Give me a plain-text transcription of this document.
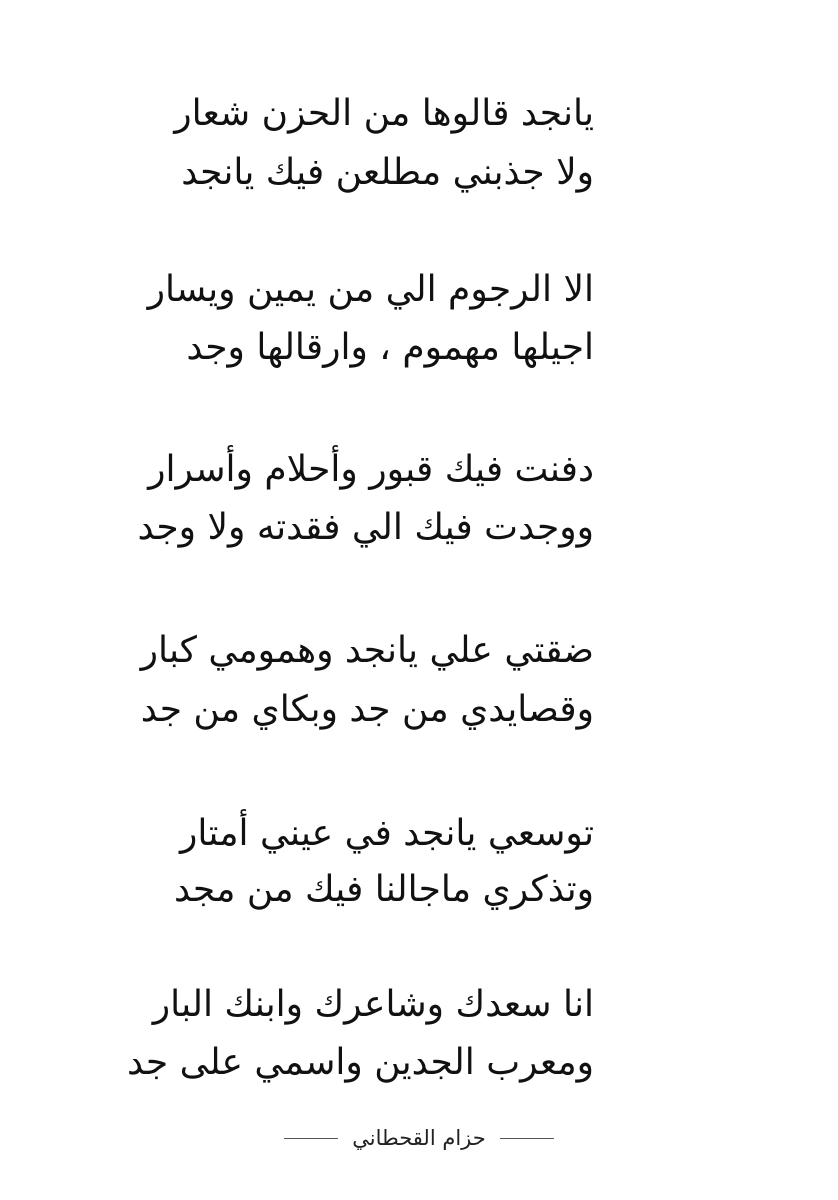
يانجد قالوها من الحزن شعار
ولا جذبني مطلعن فيك يانجد
الا الرجوم الي من يمين ويسار
اجيلها مهموم ، وارقالها وجد
دفنت فيك قبور وأحلام وأسرار
ووجدت فيك الي فقدته ولا وجد
ضقتي علي يانجد وهمومي كبار
وقصايدي من جد وبكاي من جد
توسعي يانجد في عيني أمتار
وتذكري ماجالنا فيك من مجد
انا سعدك وشاعرك وابنك البار
ومعرب الجدين واسمي على جد
حزام القحطاني
